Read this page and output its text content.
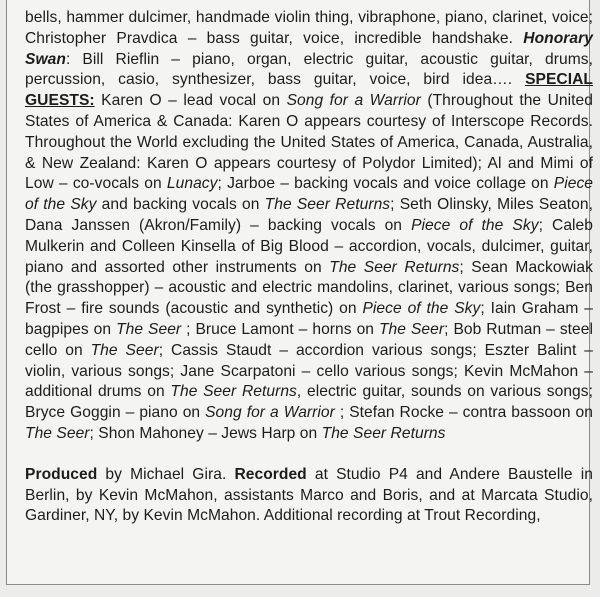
bells, hammer dulcimer, handmade violin thing, vibraphone, piano, clarinet, voice; Christopher Pravdica – bass guitar, voice, incredible handshake. Honorary Swan: Bill Rieflin – piano, organ, electric guitar, acoustic guitar, drums, percussion, casio, synthesizer, bass guitar, voice, bird idea…. SPECIAL GUESTS: Karen O – lead vocal on Song for a Warrior (Throughout the United States of America & Canada: Karen O appears courtesy of Interscope Records. Throughout the World excluding the United States of America, Canada, Australia, & New Zealand: Karen O appears courtesy of Polydor Limited); Al and Mimi of Low – co-vocals on Lunacy; Jarboe – backing vocals and voice collage on Piece of the Sky and backing vocals on The Seer Returns; Seth Olinsky, Miles Seaton, Dana Janssen (Akron/Family) – backing vocals on Piece of the Sky; Caleb Mulkerin and Colleen Kinsella of Big Blood – accordion, vocals, dulcimer, guitar, piano and assorted other instruments on The Seer Returns; Sean Mackowiak (the grasshopper) – acoustic and electric mandolins, clarinet, various songs; Ben Frost – fire sounds (acoustic and synthetic) on Piece of the Sky; Iain Graham – bagpipes on The Seer ; Bruce Lamont – horns on The Seer; Bob Rutman – steel cello on The Seer; Cassis Staudt – accordion various songs; Eszter Balint – violin, various songs; Jane Scarpatoni – cello various songs; Kevin McMahon – additional drums on The Seer Returns, electric guitar, sounds on various songs; Bryce Goggin – piano on Song for a Warrior ; Stefan Rocke – contra bassoon on The Seer; Shon Mahoney – Jews Harp on The Seer Returns

Produced by Michael Gira. Recorded at Studio P4 and Andere Baustelle in Berlin, by Kevin McMahon, assistants Marco and Boris, and at Marcata Studio, Gardiner, NY, by Kevin McMahon. Additional recording at Trout Recording,
